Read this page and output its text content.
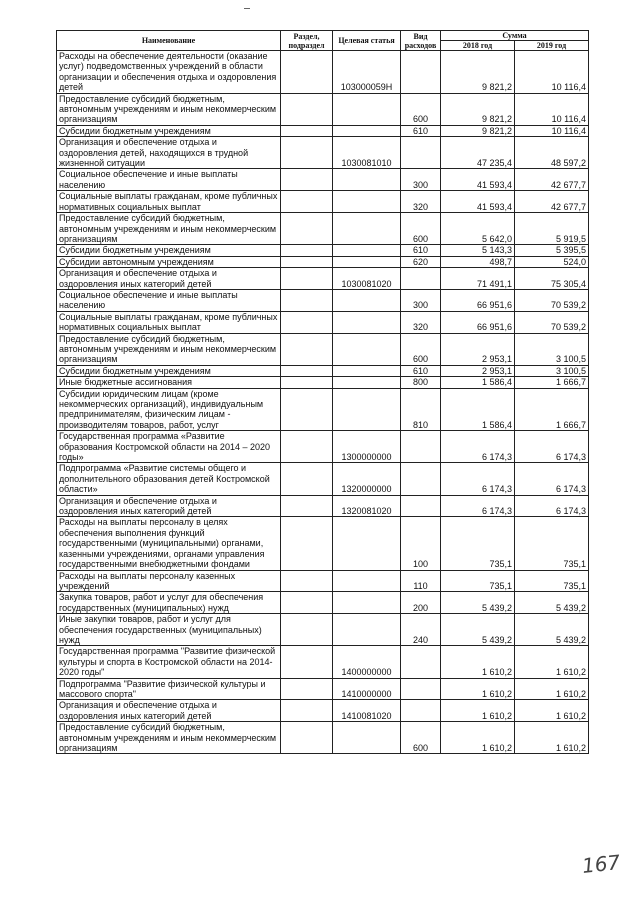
Наименование	Раздел, подраздел	Целевая статья	Вид расходов	Сумма	
				2018 год	2019 год
Расходы на обеспечение деятельности (оказание услуг) подведомственных учреждений в области организации и обеспечения отдыха и оздоровления детей		103000059Н		9 821,2	10 116,4
Предоставление субсидий бюджетным, автономным учреждениям и иным некоммерческим организациям			600	9 821,2	10 116,4
Субсидии бюджетным учреждениям			610	9 821,2	10 116,4
Организация и обеспечение отдыха и оздоровления детей, находящихся в трудной жизненной ситуации		1030081010		47 235,4	48 597,2
Социальное обеспечение и иные выплаты населению			300	41 593,4	42 677,7
Социальные выплаты гражданам, кроме публичных нормативных социальных выплат			320	41 593,4	42 677,7
Предоставление субсидий бюджетным, автономным учреждениям и иным некоммерческим организациям			600	5 642,0	5 919,5
Субсидии бюджетным учреждениям			610	5 143,3	5 395,5
Субсидии автономным учреждениям			620	498,7	524,0
Организация и обеспечение отдыха и оздоровления иных категорий детей		1030081020		71 491,1	75 305,4
Социальное обеспечение и иные выплаты населению			300	66 951,6	70 539,2
Социальные выплаты гражданам, кроме публичных нормативных социальных выплат			320	66 951,6	70 539,2
Предоставление субсидий бюджетным, автономным учреждениям и иным некоммерческим организациям			600	2 953,1	3 100,5
Субсидии бюджетным учреждениям			610	2 953,1	3 100,5
Иные бюджетные ассигнования			800	1 586,4	1 666,7
Субсидии юридическим лицам (кроме некоммерческих организаций), индивидуальным предпринимателям, физическим лицам - производителям товаров, работ, услуг			810	1 586,4	1 666,7
Государственная программа «Развитие образования Костромской области на 2014 – 2020 годы»		1300000000		6 174,3	6 174,3
Подпрограмма «Развитие системы общего и дополнительного образования детей Костромской области»		1320000000		6 174,3	6 174,3
Организация и обеспечение отдыха и оздоровления иных категорий детей		1320081020		6 174,3	6 174,3
Расходы на выплаты персоналу в целях обеспечения выполнения функций государственными (муниципальными) органами, казенными учреждениями, органами управления государственными внебюджетными фондами			100	735,1	735,1
Расходы на выплаты персоналу казенных учреждений			110	735,1	735,1
Закупка товаров, работ и услуг для обеспечения государственных (муниципальных) нужд			200	5 439,2	5 439,2
Иные закупки товаров, работ и услуг для обеспечения государственных (муниципальных) нужд			240	5 439,2	5 439,2
Государственная программа "Развитие физической культуры и спорта в Костромской области на 2014-2020 годы"		1400000000		1 610,2	1 610,2
Подпрограмма "Развитие физической культуры и массового спорта"		1410000000		1 610,2	1 610,2
Организация и обеспечение отдыха и оздоровления иных категорий детей		1410081020		1 610,2	1 610,2
Предоставление субсидий бюджетным, автономным учреждениям и иным некоммерческим организациям			600	1 610,2	1 610,2
167
